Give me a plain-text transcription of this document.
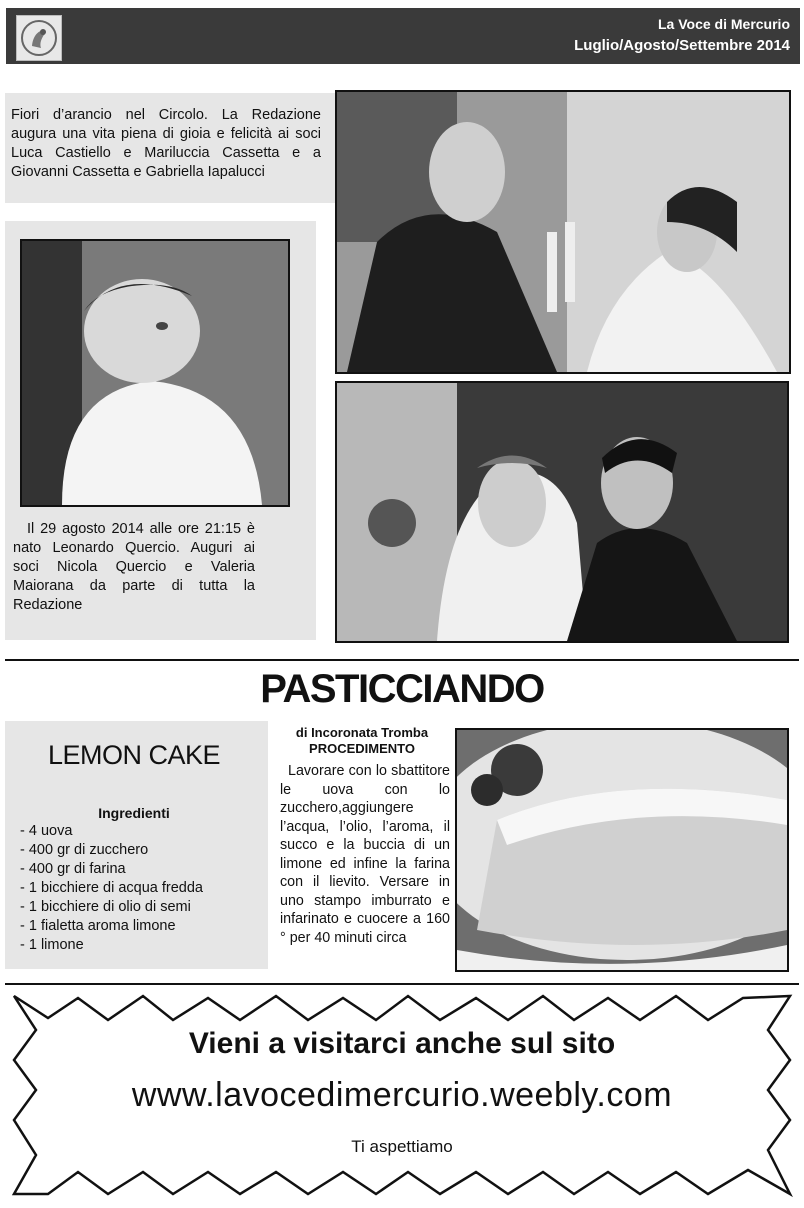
La Voce di Mercurio
Luglio/Agosto/Settembre 2014
Fiori d’arancio nel Circolo. La Redazione augura una vita piena di gioia e felicità ai soci Luca Castiello e Mariluccia Cassetta e a Giovanni Cassetta e Gabriella Iapalucci
Il 29 agosto 2014 alle ore 21:15 è nato Leonardo Quercio. Auguri ai soci Nicola Quercio e Valeria Maiorana da parte di tutta la Redazione
PASTICCIANDO
LEMON CAKE
Ingredienti
- 4 uova
- 400 gr di zucchero
- 400 gr di farina
- 1 bicchiere di acqua fredda
- 1 bicchiere di olio di semi
- 1 fialetta aroma limone
- 1 limone
di Incoronata Tromba
PROCEDIMENTO
Lavorare con lo sbattitore le uova con lo zucchero,aggiungere l’acqua, l’olio, l’aroma, il succo e la buccia di un limone ed infine la farina con il lievito. Versare in uno stampo imburrato e infarinato e cuocere a 160 ° per 40 minuti circa
Vieni a visitarci anche sul sito
www.lavocedimercurio.weebly.com
Ti aspettiamo
